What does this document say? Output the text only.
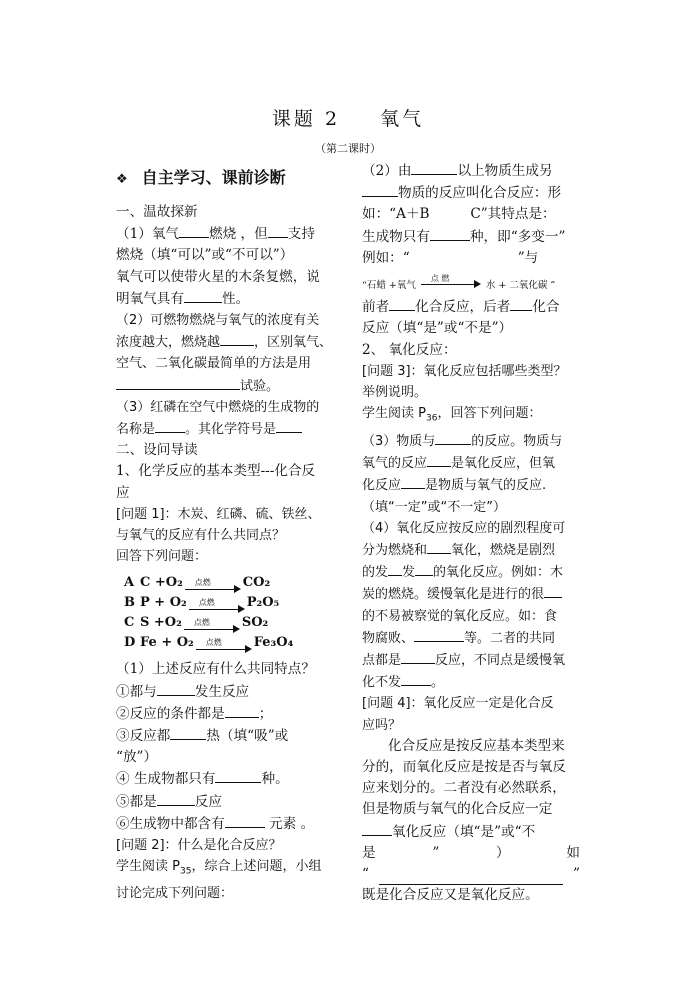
课题 2 氧气
（第二课时）
❖ 自主学习、课前诊断

一、温故探新

（1）氧气 燃烧 ，但 支持

燃烧（填“可以”或“不可以”）

氧气可以使带火星的木条复燃，说

明氧气具有	性。

（2）可燃物燃烧与氧气的浓度有关

浓度越大，燃烧越	，区别氧气、

空气、二氧化碳最简单的方法是用

试验。

（3）红磷在空气中燃烧的生成物的

名称是 。其化学符号是

二、设问导读

1、化学反应的基本类型---化合反

应

[问题 1]：木炭、红磷、硫、铁丝、

与氧气的反应有什么共同点？

回答下列问题：

A C +O₂ 点燃 CO₂
B P + O₂ 点燃 P₂O₅
C S +O₂ 点燃 SO₂
D Fe + O₂ 点燃 Fe₃O₄

（1）上述反应有什么共同特点？

①都与	发生反应

②反应的条件都是	；

③反应都	热（填“吸”或

“放”）

④ 生成物都只有	种。

⑤都是	反应

⑥生成物中都含有	元素 。

[问题 2]：什么是化合反应？

学生阅读 $P_{35}$，综合上述问题，小组

讨论完成下列问题：

（2）由	以上物质生成另

物质的反应叫化合反应：形

如：“A＋B　　　C”其特点是：

生成物只有	种，即“多变一”

例如：“	”与

“石蜡 +氧气
点 燃
水 + 二氧化碳 ”

前者 化合反应，后者 化合

反应（填“是”或“不是”）

2、 氧化反应：

[问题 3]：氧化反应包括哪些类型？

举例说明。

学生阅读 $P_{36}$，回答下列问题：

（3）物质与	的反应。物质与

氧气的反应 是氧化反应，但氧

化反应 是物质与氧气的反应.

（填“一定”或“不一定”）

（4）氧化反应按反应的剧烈程度可

分为燃烧和 氧化，燃烧是剧烈

的发 发 的氧化反应。例如：木

炭的燃烧。缓慢氧化是进行的很

的不易被察觉的氧化反应。如：食

物腐败、	等。二者的共同

点都是	反应，不同点是缓慢氧

化不发 。

[问题 4]：氧化反应一定是化合反

应吗？

化合反应是按反应基本类型来

分的，而氧化反应是按是否与氧反

应来划分的。二者没有必然联系，

但是物质与氧气的化合反应一定

氧化反应（填“是”或“不

是	”	）	如

“	”

既是化合反应又是氧化反应。
